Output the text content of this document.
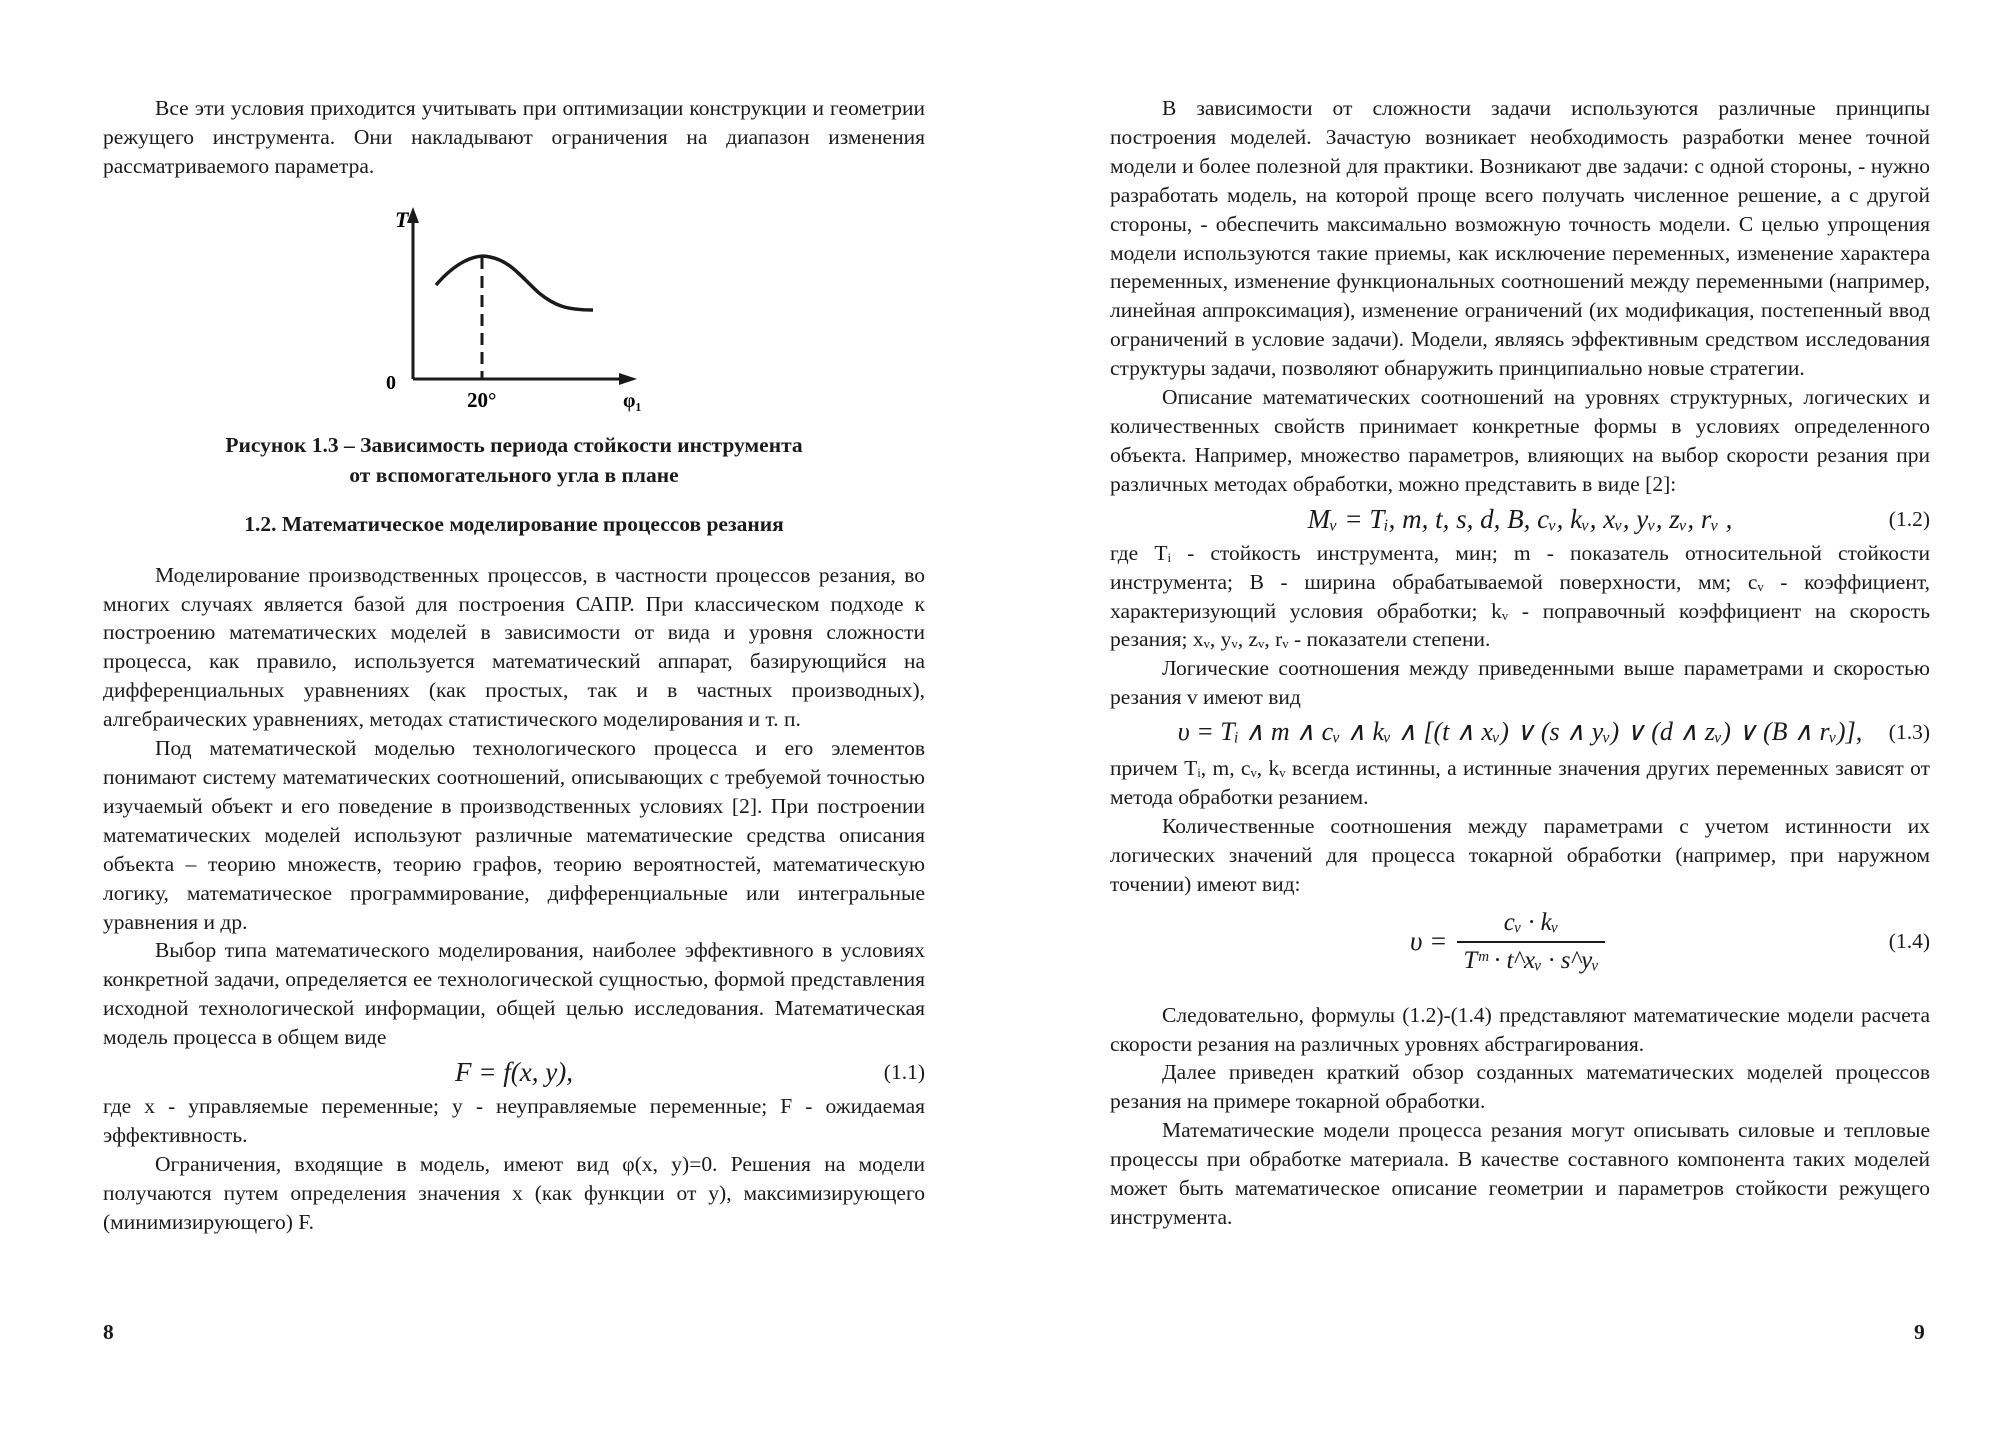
Все эти условия приходится учитывать при оптимизации конструкции и геометрии режущего инструмента. Они накладывают ограничения на диапазон изменения рассматриваемого параметра.

T
0
20°	φ₁

Рисунок 1.3 – Зависимость периода стойкости инструмента
от вспомогательного угла в плане

1.2. Математическое моделирование процессов резания

Моделирование производственных процессов, в частности процессов резания, во многих случаях является базой для построения САПР. При классическом подходе к построению математических моделей в зависимости от вида и уровня сложности процесса, как правило, используется математический аппарат, базирующийся на дифференциальных уравнениях (как простых, так и в частных производных), алгебраических уравнениях, методах статистического моделирования и т. п.

Под математической моделью технологического процесса и его элементов понимают систему математических соотношений, описывающих с требуемой точностью изучаемый объект и его поведение в производственных условиях [2]. При построении математических моделей используют различные математические средства описания объекта – теорию множеств, теорию графов, теорию вероятностей, математическую логику, математическое программирование, дифференциальные или интегральные уравнения и др.

Выбор типа математического моделирования, наиболее эффективного в условиях конкретной задачи, определяется ее технологической сущностью, формой представления исходной технологической информации, общей целью исследования. Математическая модель процесса в общем виде

F = f(x, y),	(1.1)

где x - управляемые переменные; y - неуправляемые переменные; F - ожидаемая эффективность.

Ограничения, входящие в модель, имеют вид φ(x, y)=0. Решения на модели получаются путем определения значения x (как функции от y), максимизирующего (минимизирующего) F.

8

В зависимости от сложности задачи используются различные принципы построения моделей. Зачастую возникает необходимость разработки менее точной модели и более полезной для практики. Возникают две задачи: с одной стороны, - нужно разработать модель, на которой проще всего получать численное решение, а с другой стороны, - обеспечить максимально возможную точность модели. С целью упрощения модели используются такие приемы, как исключение переменных, изменение характера переменных, изменение функциональных соотношений между переменными (например, линейная аппроксимация), изменение ограничений (их модификация, постепенный ввод ограничений в условие задачи). Модели, являясь эффективным средством исследования структуры задачи, позволяют обнаружить принципиально новые стратегии.

Описание математических соотношений на уровнях структурных, логических и количественных свойств принимает конкретные формы в условиях определенного объекта. Например, множество параметров, влияющих на выбор скорости резания при различных методах обработки, можно представить в виде [2]:

Mᵥ = Tᵢ, m, t, s, d, B, cᵥ, kᵥ, xᵥ, yᵥ, zᵥ, rᵥ ,	(1.2)

где Tᵢ - стойкость инструмента, мин; m - показатель относительной стойкости инструмента; B - ширина обрабатываемой поверхности, мм; cᵥ - коэффициент, характеризующий условия обработки; kᵥ - поправочный коэффициент на скорость резания; xᵥ, yᵥ, zᵥ, rᵥ - показатели степени.

Логические соотношения между приведенными выше параметрами и скоростью резания v имеют вид

υ = Tᵢ ∧ m ∧ cᵥ ∧ kᵥ ∧ [(t ∧ xᵥ) ∨ (s ∧ yᵥ) ∨ (d ∧ zᵥ) ∨ (B ∧ rᵥ)], (1.3)

причем Tᵢ, m, cᵥ, kᵥ всегда истинны, а истинные значения других переменных зависят от метода обработки резанием.

Количественные соотношения между параметрами с учетом истинности их логических значений для процесса токарной обработки (например, при наружном точении) имеют вид:

$\upsilon = \frac{\text{cᵥ · kᵥ}}{\text{Tᵐ · t\textasciicircum{}xᵥ · s\textasciicircum{}yᵥ}}$	(1.4)

Следовательно, формулы (1.2)-(1.4) представляют математические модели расчета скорости резания на различных уровнях абстрагирования.

Далее приведен краткий обзор созданных математических моделей процессов резания на примере токарной обработки.

Математические модели процесса резания могут описывать силовые и тепловые процессы при обработке материала. В качестве составного компонента таких моделей может быть математическое описание геометрии и параметров стойкости режущего инструмента.

9
